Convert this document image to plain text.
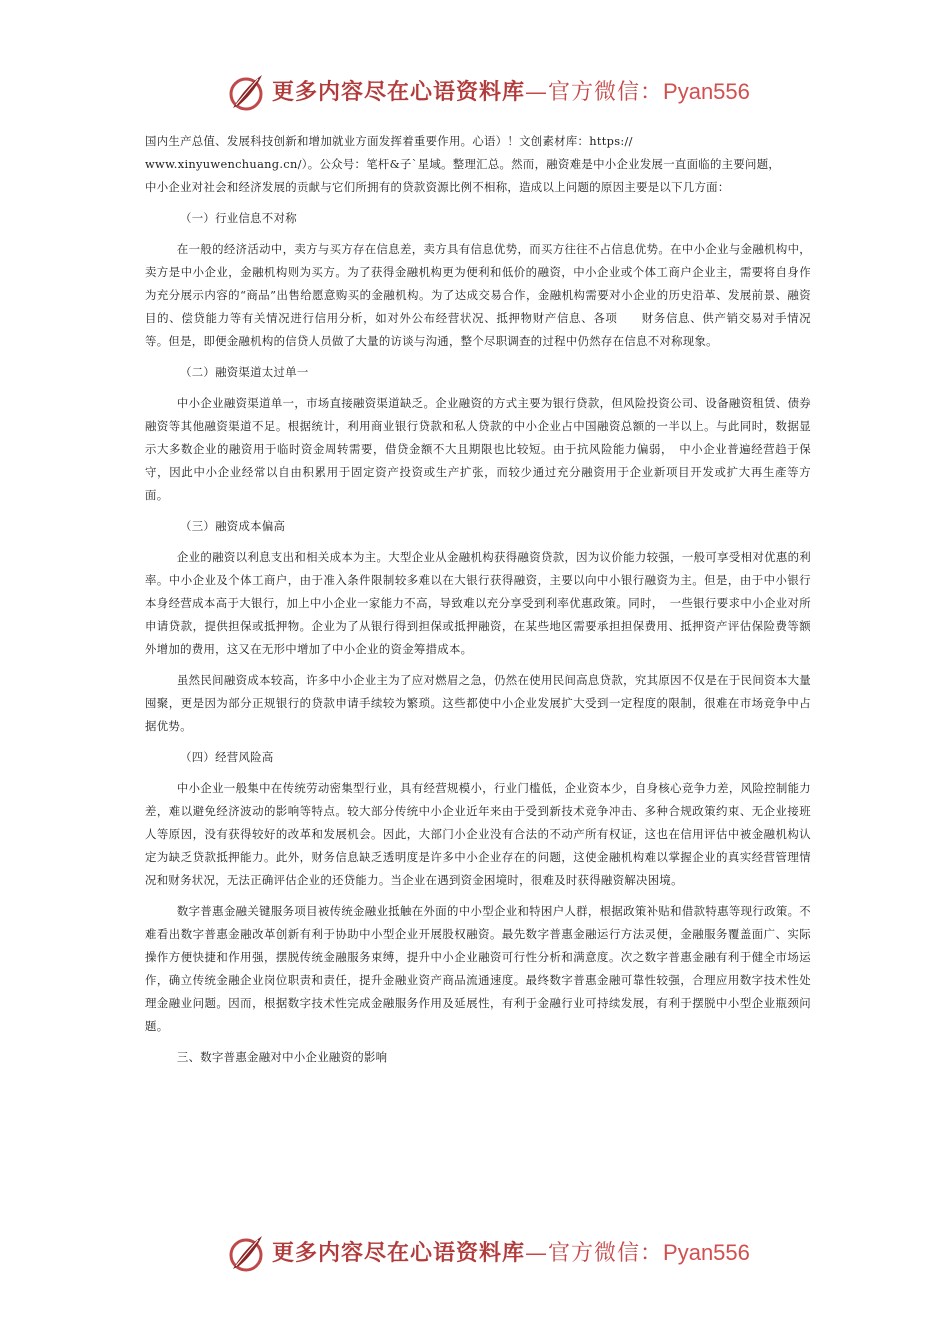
更多内容尽在心语资料库—官方微信：Pyan556

国内生产总值、发展科技创新和增加就业方面发挥着重要作用。心语）！文创素材库：https://

www.xinyuwenchuang.cn/）。公众号：笔杆&子`星域。整理汇总。然而，融资难是中小企业发展一直面临的主要问题，

中小企业对社会和经济发展的贡献与它们所拥有的贷款资源比例不相称，造成以上问题的原因主要是以下几方面：

（一）行业信息不对称

在一般的经济活动中，卖方与买方存在信息差，卖方具有信息优势，而买方往往不占信息优势。在中小企业与金融机构中，卖方是中小企业，金融机构则为买方。为了获得金融机构更为便利和低价的融资，中小企业或个体工商户企业主，需要将自身作为充分展示内容的“商品”出售给愿意购买的金融机构。为了达成交易合作，金融机构需要对小企业的历史沿革、发展前景、融资目的、偿贷能力等有关情况进行信用分析，如对外公布经营状况、抵押物财产信息、各项　　财务信息、供产销交易对手情况等。但是，即便金融机构的信贷人员做了大量的访谈与沟通，整个尽职调查的过程中仍然存在信息不对称现象。

（二）融资渠道太过单一

中小企业融资渠道单一，市场直接融资渠道缺乏。企业融资的方式主要为银行贷款，但风险投资公司、设备融资租赁、债券融资等其他融资渠道不足。根据统计，利用商业银行贷款和私人贷款的中小企业占中国融资总额的一半以上。与此同时，数据显示大多数企业的融资用于临时资金周转需要，借贷金额不大且期限也比较短。由于抗风险能力偏弱，　中小企业普遍经营趋于保守，因此中小企业经常以自由积累用于固定资产投资或生产扩张，而较少通过充分融资用于企业新项目开发或扩大再生產等方面。

（三）融资成本偏高

企业的融资以利息支出和相关成本为主。大型企业从金融机构获得融资贷款，因为议价能力较强，一般可享受相对优惠的利率。中小企业及个体工商户，由于准入条件限制较多难以在大银行获得融资，主要以向中小银行融资为主。但是，由于中小银行本身经营成本高于大银行，加上中小企业一家能力不高，导致难以充分享受到利率优惠政策。同时，　一些银行要求中小企业对所申请贷款，提供担保或抵押物。企业为了从银行得到担保或抵押融资，在某些地区需要承担担保费用、抵押资产评估保险费等额外增加的费用，这又在无形中增加了中小企业的资金筹措成本。

虽然民间融资成本较高，许多中小企业主为了应对燃眉之急，仍然在使用民间高息贷款，究其原因不仅是在于民间资本大量囤聚，更是因为部分正规银行的贷款申请手续较为繁琐。这些都使中小企业发展扩大受到一定程度的限制，很难在市场竞争中占据优势。

（四）经营风险高

中小企业一般集中在传统劳动密集型行业，具有经营规模小，行业门槛低，企业资本少，自身核心竞争力差，风险控制能力差，难以避免经济波动的影响等特点。较大部分传统中小企业近年来由于受到新技术竞争冲击、多种合规政策约束、无企业接班人等原因，没有获得较好的改革和发展机会。因此，大部门小企业没有合法的不动产所有权证，这也在信用评估中被金融机构认定为缺乏贷款抵押能力。此外，财务信息缺乏透明度是许多中小企业存在的问题，这使金融机构难以掌握企业的真实经营管理情况和财务状况，无法正确评估企业的还贷能力。当企业在遇到资金困境时，很难及时获得融资解决困境。

数字普惠金融关键服务项目被传统金融业抵触在外面的中小型企业和特困户人群，根据政策补贴和借款特惠等现行政策。不难看出数字普惠金融改革创新有利于协助中小型企业开展股权融资。最先数字普惠金融运行方法灵便，金融服务覆盖面广、实际操作方便快捷和作用强，摆脱传统金融服务束缚，提升中小企业融资可行性分析和满意度。次之数字普惠金融有利于健全市场运作，确立传统金融企业岗位职责和责任，提升金融业资产商品流通速度。最终数字普惠金融可靠性较强，合理应用数字技术性处理金融业问题。因而，根据数字技术性完成金融服务作用及延展性，有利于金融行业可持续发展，有利于摆脱中小型企业瓶颈问题。

三、数字普惠金融对中小企业融资的影响

更多内容尽在心语资料库—官方微信：Pyan556
